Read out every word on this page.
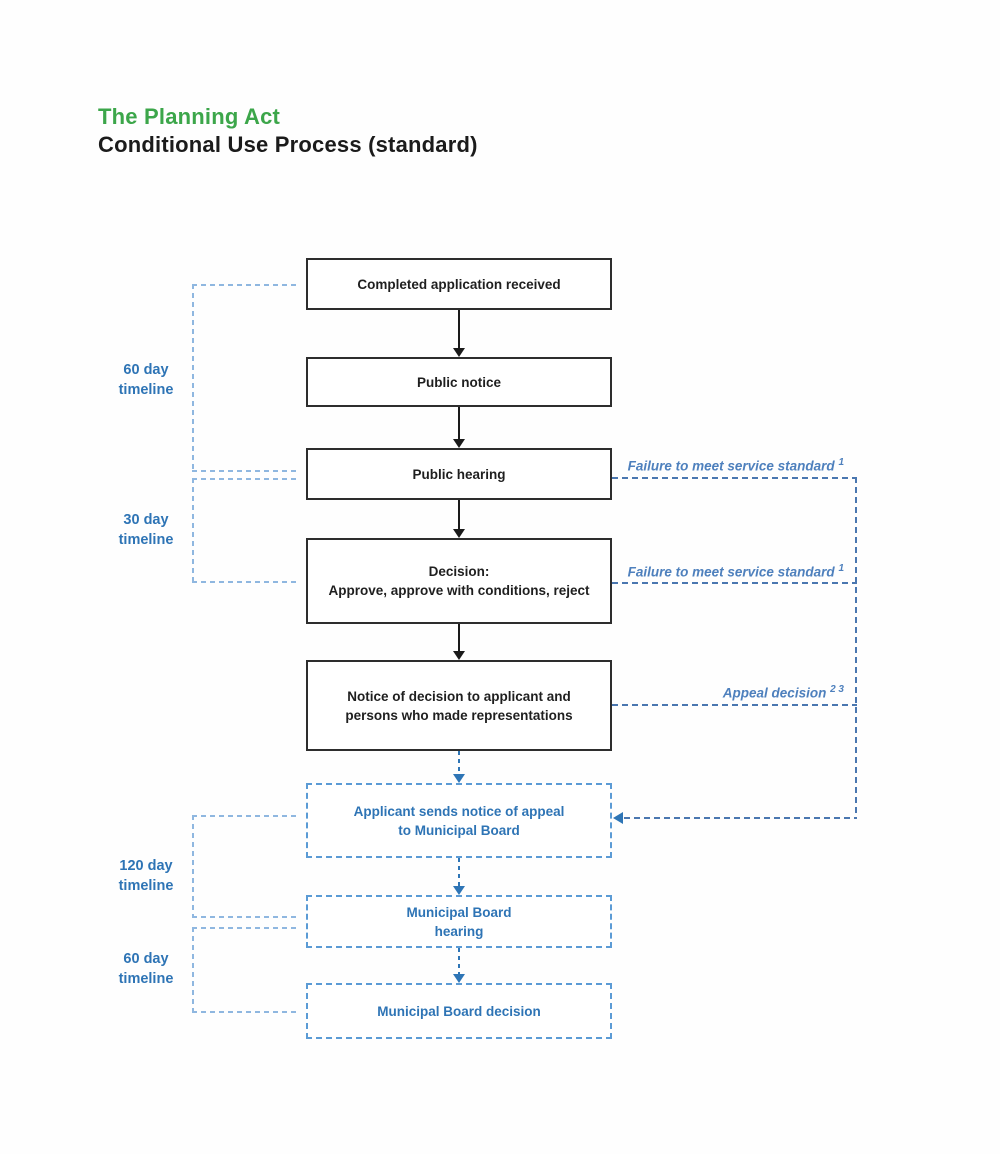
The Planning Act
Conditional Use Process (standard)
60 day
timeline
30 day
timeline
120 day
timeline
60 day
timeline
Completed application received
Public notice
Public hearing
Decision:
Approve, approve with conditions, reject
Notice of decision to applicant and
persons who made representations
Applicant sends notice of appeal
to Municipal Board
Municipal Board
hearing
Municipal Board decision
Failure to meet service standard $^1$
Failure to meet service standard $^1$
Appeal decision $^{2 3}$
